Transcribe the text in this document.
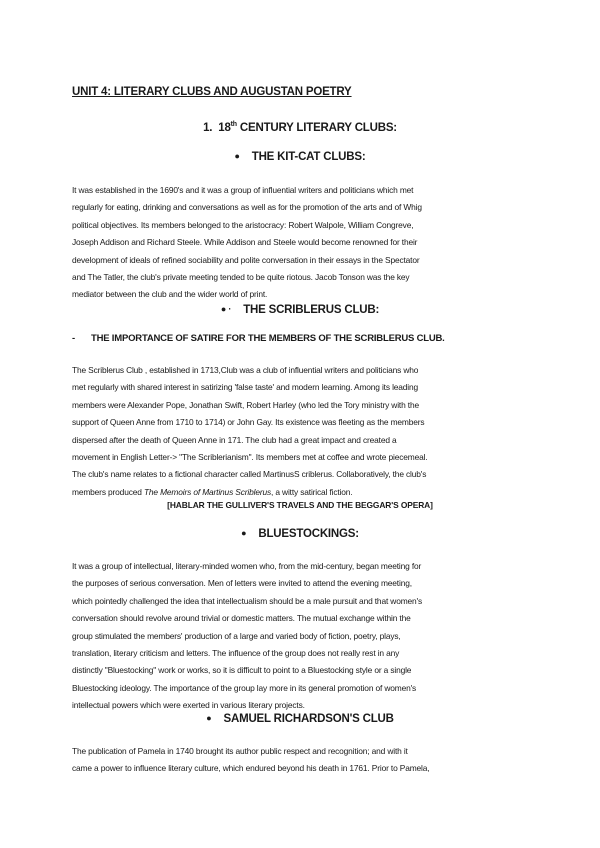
UNIT 4: LITERARY CLUBS AND AUGUSTAN POETRY
1. 18th CENTURY LITERARY CLUBS:
● THE KIT-CAT CLUBS:
It was established in the 1690's and it was a group of influential writers and politicians which met
regularly for eating, drinking and conversations as well as for the promotion of the arts and of Whig
political objectives. Its members belonged to the aristocracy: Robert Walpole, William Congreve,
Joseph Addison and Richard Steele. While Addison and Steele would become renowned for their
development of ideals of refined sociability and polite conversation in their essays in the Spectator
and The Tatler, the club's private meeting tended to be quite riotous. Jacob Tonson was the key
mediator between the club and the wider world of print.
● · THE SCRIBLERUS CLUB:
- THE IMPORTANCE OF SATIRE FOR THE MEMBERS OF THE SCRIBLERUS CLUB.
The Scriblerus Club , established in 1713,Club was a club of influential writers and politicians who
met regularly with shared interest in satirizing 'false taste' and modern learning. Among its leading
members were Alexander Pope, Jonathan Swift, Robert Harley (who led the Tory ministry with the
support of Queen Anne from 1710 to 1714) or John Gay. Its existence was fleeting as the members
dispersed after the death of Queen Anne in 171. The club had a great impact and created a
movement in English Letter-> "The Scriblerianism". Its members met at coffee and wrote piecemeal.
The club's name relates to a fictional character called MartinusS criblerus. Collaboratively, the club's
members produced The Memoirs of Martinus Scriblerus, a witty satirical fiction.
[HABLAR THE GULLIVER'S TRAVELS AND THE BEGGAR'S OPERA]
● BLUESTOCKINGS:
It was a group of intellectual, literary-minded women who, from the mid-century, began meeting for
the purposes of serious conversation. Men of letters were invited to attend the evening meeting,
which pointedly challenged the idea that intellectualism should be a male pursuit and that women's
conversation should revolve around trivial or domestic matters. The mutual exchange within the
group stimulated the members' production of a large and varied body of fiction, poetry, plays,
translation, literary criticism and letters. The influence of the group does not really rest in any
distinctly "Bluestocking" work or works, so it is difficult to point to a Bluestocking style or a single
Bluestocking ideology. The importance of the group lay more in its general promotion of women's
intellectual powers which were exerted in various literary projects.
● SAMUEL RICHARDSON'S CLUB
The publication of Pamela in 1740 brought its author public respect and recognition; and with it
came a power to influence literary culture, which endured beyond his death in 1761. Prior to Pamela,
